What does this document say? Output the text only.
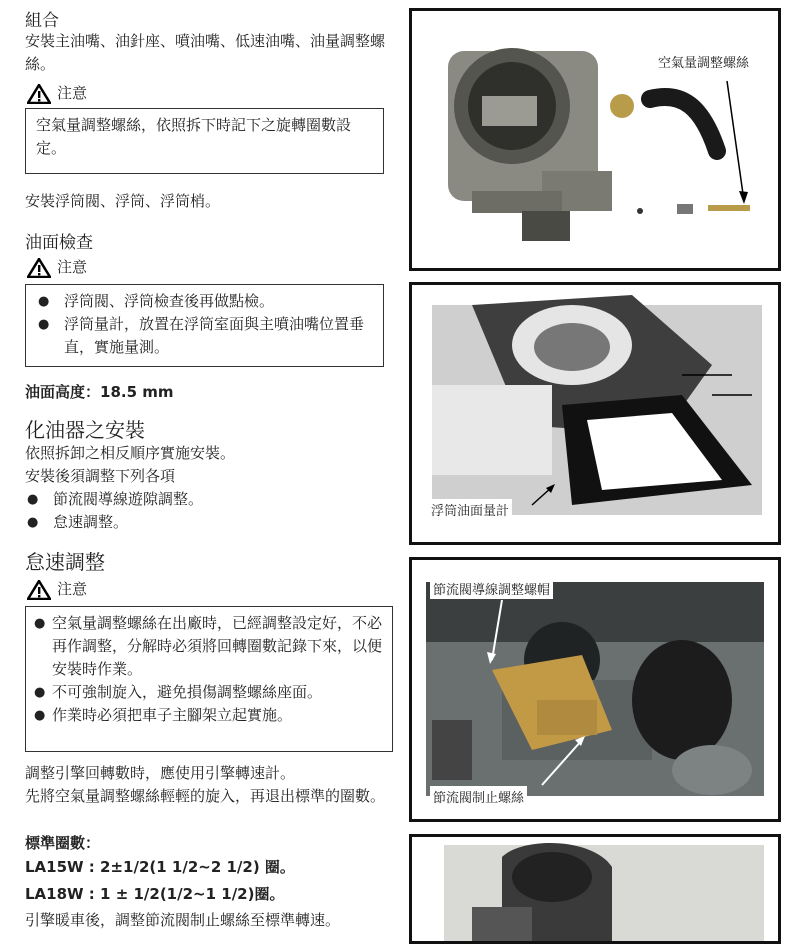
組合
安裝主油嘴、油針座、噴油嘴、低速油嘴、油量調整螺絲。
注意
空氣量調整螺絲，依照拆下時記下之旋轉圈數設定。
安裝浮筒閥、浮筒、浮筒梢。
油面檢查
注意
● 浮筒閥、浮筒檢查後再做點檢。
● 浮筒量計，放置在浮筒室面與主噴油嘴位置垂直，實施量測。
油面高度：18.5 mm
化油器之安裝
依照拆卸之相反順序實施安裝。
安裝後須調整下列各項
● 節流閥導線遊隙調整。
● 怠速調整。
怠速調整
注意
● 空氣量調整螺絲在出廠時，已經調整設定好，不必再作調整，分解時必須將回轉圈數記錄下來，以便安裝時作業。
● 不可強制旋入，避免損傷調整螺絲座面。
● 作業時必須把車子主腳架立起實施。
調整引擎回轉數時，應使用引擎轉速計。
先將空氣量調整螺絲輕輕的旋入，再退出標準的圈數。
標準圈數：
LA15W : 2±1/2(1 1/2~2 1/2) 圈。
LA18W : 1 ± 1/2(1/2~1 1/2)圈。
引擎暖車後，調整節流閥制止螺絲至標準轉速。
空氣量調整螺絲
浮筒油面量計
節流閥導線調整螺帽
節流閥制止螺絲
